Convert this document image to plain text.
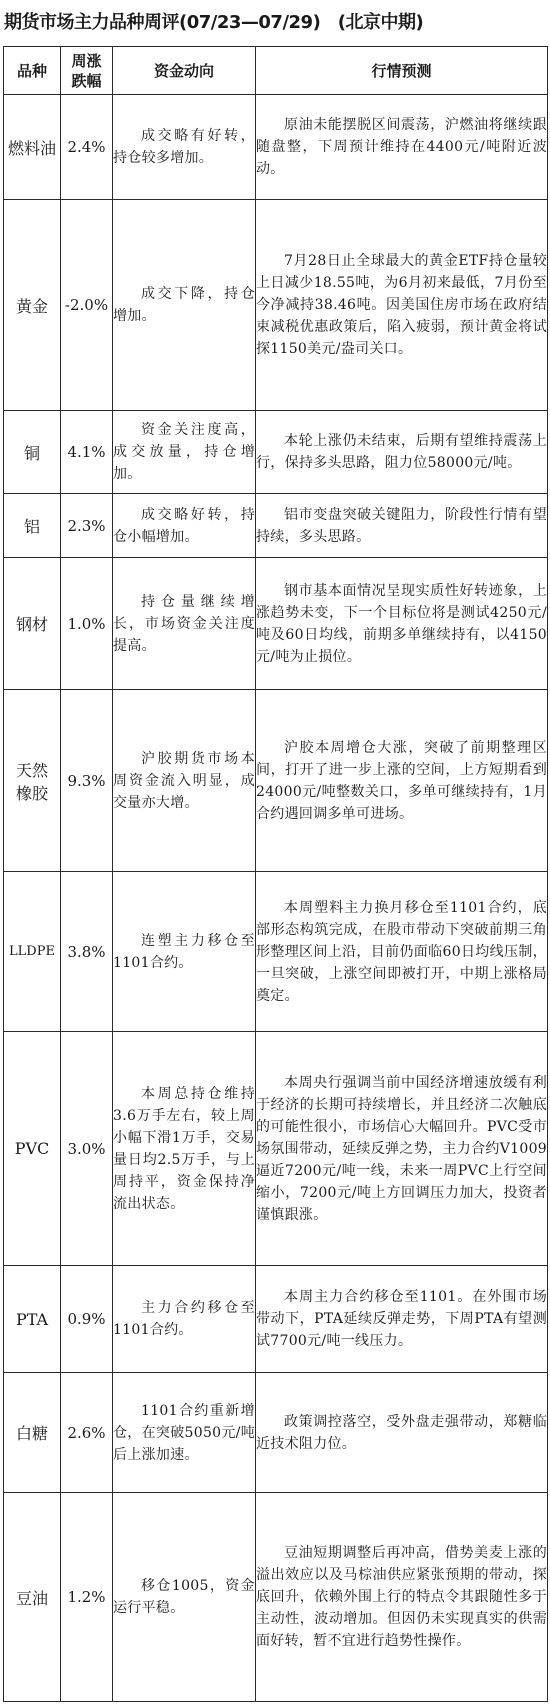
期货市场主力品种周评(07/23—07/29)　(北京中期)
品种	周涨跌幅	资金动向	行情预测
燃料油	2.4%	成交略有好转，持仓较多增加。	原油未能摆脱区间震荡，沪燃油将继续跟随盘整，下周预计维持在4400元/吨附近波动。

黄金	-2.0%	成交下降，持仓增加。	7月28日止全球最大的黄金ETF持仓量较上日减少18.55吨，为6月初来最低，7月份至今净减持38.46吨。因美国住房市场在政府结束减税优惠政策后，陷入疲弱，预计黄金将试探1150美元/盎司关口。

铜	4.1%	资金关注度高，成交放量，持仓增加。	本轮上涨仍未结束，后期有望维持震荡上行，保持多头思路，阻力位58000元/吨。

铝	2.3%	成交略好转，持仓小幅增加。	铝市变盘突破关键阻力，阶段性行情有望持续，多头思路。

钢材	1.0%	持仓量继续增长，市场资金关注度提高。	钢市基本面情况呈现实质性好转迹象，上涨趋势未变，下一个目标位将是测试4250元/吨及60日均线，前期多单继续持有，以4150元/吨为止损位。

天然橡胶	9.3%	沪胶期货市场本周资金流入明显，成交量亦大增。	沪胶本周增仓大涨，突破了前期整理区间，打开了进一步上涨的空间，上方短期看到24000元/吨整数关口，多单可继续持有，1月合约遇回调多单可进场。

LLDPE	3.8%	连塑主力移仓至1101合约。	本周塑料主力换月移仓至1101合约，底部形态构筑完成，在股市带动下突破前期三角形整理区间上沿，目前仍面临60日均线压制，一旦突破，上涨空间即被打开，中期上涨格局奠定。

PVC	3.0%	本周总持仓维持3.6万手左右，较上周小幅下滑1万手，交易量日均2.5万手，与上周持平，资金保持净流出状态。	本周央行强调当前中国经济增速放缓有利于经济的长期可持续增长，并且经济二次触底的可能性很小，市场信心大幅回升。PVC受市场氛围带动，延续反弹之势，主力合约V1009逼近7200元/吨一线，未来一周PVC上行空间缩小，7200元/吨上方回调压力加大，投资者谨慎跟涨。

PTA	0.9%	主力合约移仓至1101合约。	本周主力合约移仓至1101。在外围市场带动下，PTA延续反弹走势，下周PTA有望测试7700元/吨一线压力。

白糖	2.6%	1101合约重新增仓，在突破5050元/吨后上涨加速。	政策调控落空，受外盘走强带动，郑糖临近技术阻力位。

豆油	1.2%	移仓1005，资金运行平稳。	豆油短期调整后再冲高，借势美麦上涨的溢出效应以及马棕油供应紧张预期的带动，探底回升，依赖外围上行的特点令其跟随性多于主动性，波动增加。但因仍未实现真实的供需面好转，暂不宜进行趋势性操作。
